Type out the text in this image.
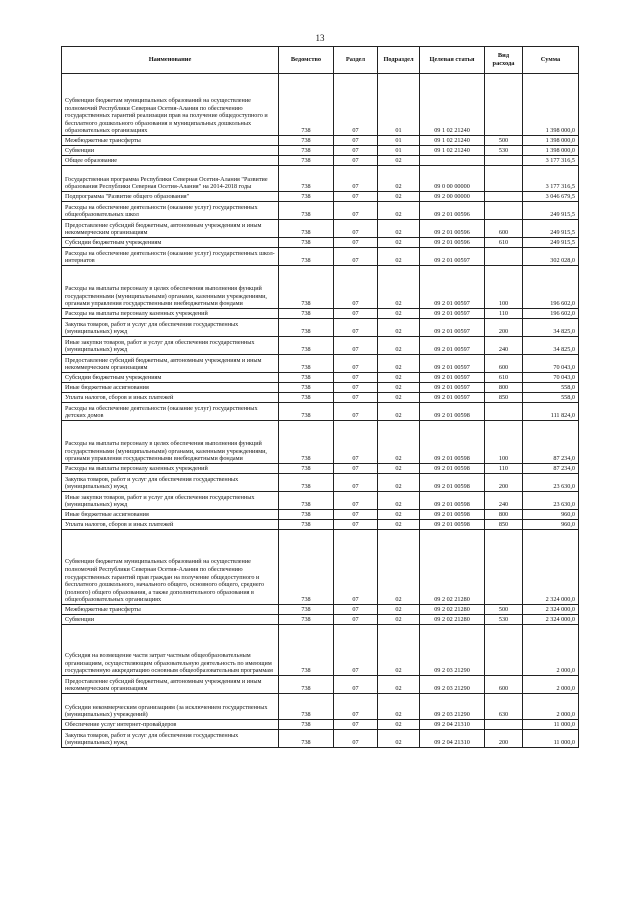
13
Наименование	Ведомство	Раздел	Подраздел	Целевая статья	Вид расхода	Сумма
Субвенции бюджетам муниципальных образований на осуществление полномочий Республики Северная Осетия-Алания по обеспечению государственных гарантий реализации прав на получение общедоступного и бесплатного дошкольного образования в муниципальных дошкольных образовательных организациях	738	07	01	09 1 02 21240		1 398 000,0
Межбюджетные трансферты	738	07	01	09 1 02 21240	500	1 398 000,0
Субвенции	738	07	01	09 1 02 21240	530	1 398 000,0
Общее образование	738	07	02			3 177 316,5
Государственная программа Республики Северная Осетия-Алания "Развитие образования Республики Северная Осетия-Алания" на 2014-2018 годы	738	07	02	09 0 00 00000		3 177 316,5
Подпрограмма "Развитие общего образования"	738	07	02	09 2 00 00000		3 046 679,5
Расходы на обеспечение деятельности (оказание услуг) государственных общеобразовательных школ	738	07	02	09 2 01 00596		249 915,5
Предоставление субсидий бюджетным, автономным учреждениям и иным некоммерческим организациям	738	07	02	09 2 01 00596	600	249 915,5
Субсидии бюджетным учреждениям	738	07	02	09 2 01 00596	610	249 915,5
Расходы на обеспечение деятельности (оказание услуг) государственных школ-интернатов	738	07	02	09 2 01 00597		302 028,0
Расходы на выплаты персоналу в целях обеспечения выполнения функций государственными (муниципальными) органами, казенными учреждениями, органами управления государственными внебюджетными фондами	738	07	02	09 2 01 00597	100	196 602,0
Расходы на выплаты персоналу казенных учреждений	738	07	02	09 2 01 00597	110	196 602,0
Закупка товаров, работ и услуг для обеспечения государственных (муниципальных) нужд	738	07	02	09 2 01 00597	200	34 825,0
Иные закупки товаров, работ и услуг для обеспечения государственных (муниципальных) нужд	738	07	02	09 2 01 00597	240	34 825,0
Предоставление субсидий бюджетным, автономным учреждениям и иным некоммерческим организациям	738	07	02	09 2 01 00597	600	70 043,0
Субсидии бюджетным учреждениям	738	07	02	09 2 01 00597	610	70 043,0
Иные бюджетные ассигнования	738	07	02	09 2 01 00597	800	558,0
Уплата налогов, сборов и иных платежей	738	07	02	09 2 01 00597	850	558,0
Расходы на обеспечение деятельности (оказание услуг) государственных детских домов	738	07	02	09 2 01 00598		111 824,0
Расходы на выплаты персоналу в целях обеспечения выполнения функций государственными (муниципальными) органами, казенными учреждениями, органами управления государственными внебюджетными фондами	738	07	02	09 2 01 00598	100	87 234,0
Расходы на выплаты персоналу казенных учреждений	738	07	02	09 2 01 00598	110	87 234,0
Закупка товаров, работ и услуг для обеспечения государственных (муниципальных) нужд	738	07	02	09 2 01 00598	200	23 630,0
Иные закупки товаров, работ и услуг для обеспечения государственных (муниципальных) нужд	738	07	02	09 2 01 00598	240	23 630,0
Иные бюджетные ассигнования	738	07	02	09 2 01 00598	800	960,0
Уплата налогов, сборов и иных платежей	738	07	02	09 2 01 00598	850	960,0
Субвенции бюджетам муниципальных образований на осуществление полномочий Республики Северная Осетия-Алания по обеспечению государственных гарантий прав граждан на получение общедоступного и бесплатного дошкольного, начального общего, основного общего, среднего (полного) общего образования, а также дополнительного образования в общеобразовательных организациях	738	07	02	09 2 02 21280		2 324 000,0
Межбюджетные трансферты	738	07	02	09 2 02 21280	500	2 324 000,0
Субвенции	738	07	02	09 2 02 21280	530	2 324 000,0
Субсидия на возмещение части затрат частным общеобразовательным организациям, осуществляющим образовательную деятельность по имеющим государственную аккредитацию основным общеобразовательным программам	738	07	02	09 2 03 21290		2 000,0
Предоставление субсидий бюджетным, автономным учреждениям и иным некоммерческим организациям	738	07	02	09 2 03 21290	600	2 000,0
Субсидии некоммерческим организациям (за исключением государственных (муниципальных) учреждений)	738	07	02	09 2 03 21290	630	2 000,0
Обеспечение услуг интернет-провайдеров	738	07	02	09 2 04 21310		11 000,0
Закупка товаров, работ и услуг для обеспечения государственных (муниципальных) нужд	738	07	02	09 2 04 21310	200	11 000,0
